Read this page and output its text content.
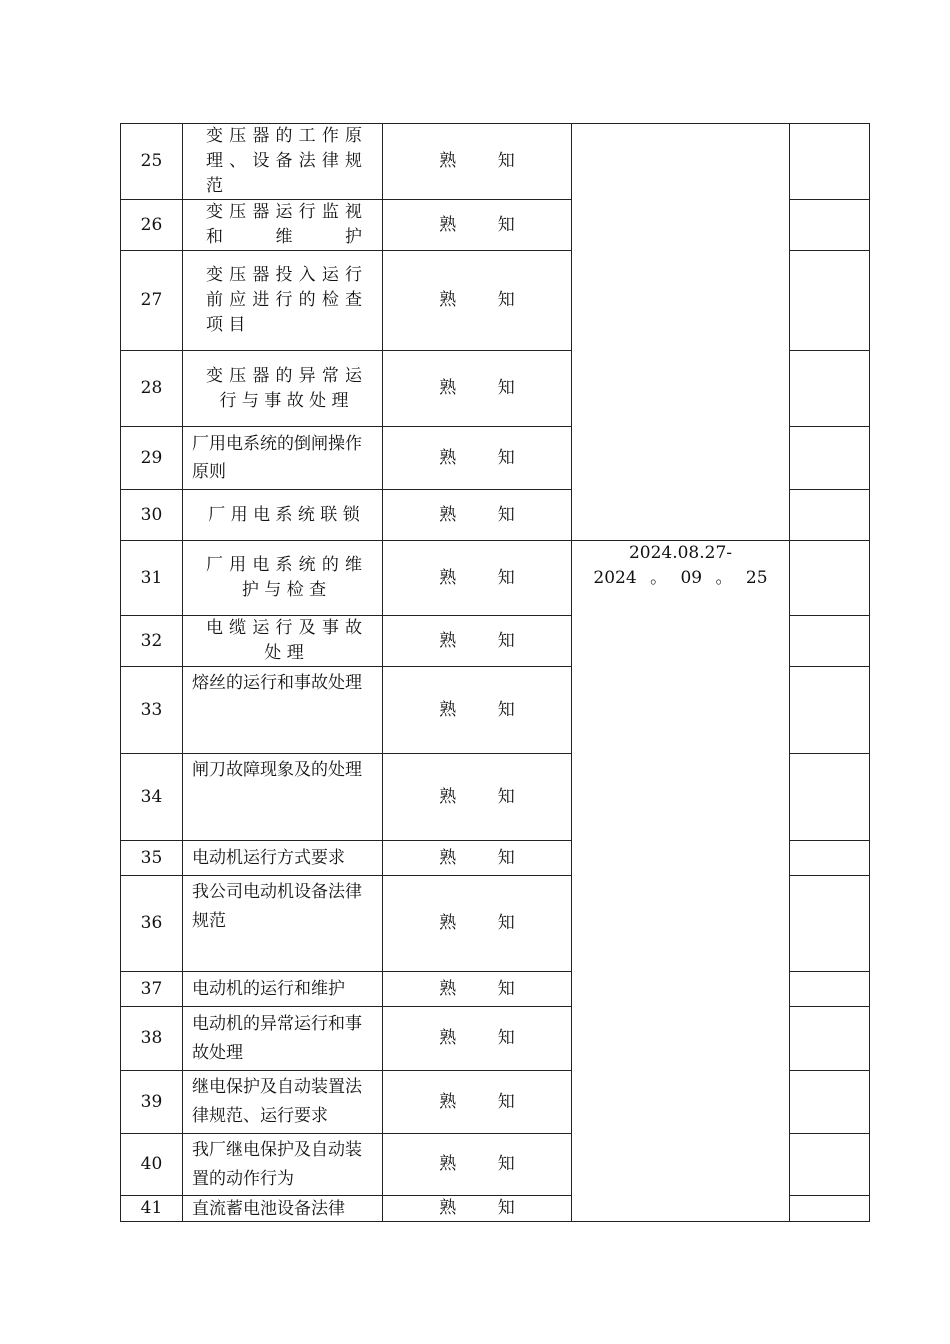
25	变 压 器 的 工 作 原 理 、 设 备 法 律 规 范	熟 知		
26	变 压 器 运 行 监 视 和 维 护	熟 知		
27	变 压 器 投 入 运 行 前 应 进 行 的 检 查 项 目	熟 知		
28	变 压 器 的 异 常 运 行 与 事 故 处 理	熟 知		
29	厂用电系统的倒闸操作原则	熟 知		
30	厂 用 电 系 统 联 锁	熟 知		
31	厂 用 电 系 统 的 维 护 与 检 查	熟 知	2024.08.27-
2024 。 09 。 25	

32	电 缆 运 行 及 事 故 处 理	熟 知		
33	熔丝的运行和事故处理	熟 知		
34	闸刀故障现象及的处理	熟 知		
35	电动机运行方式要求	熟 知		
36	我公司电动机设备法律规范	熟 知		
37	电动机的运行和维护	熟 知		
38	电动机的异常运行和事故处理	熟 知		
39	继电保护及自动装置法律规范、运行要求	熟 知		
40	我厂继电保护及自动装置的动作行为	熟 知		
41	直流蓄电池设备法律	熟 知		
